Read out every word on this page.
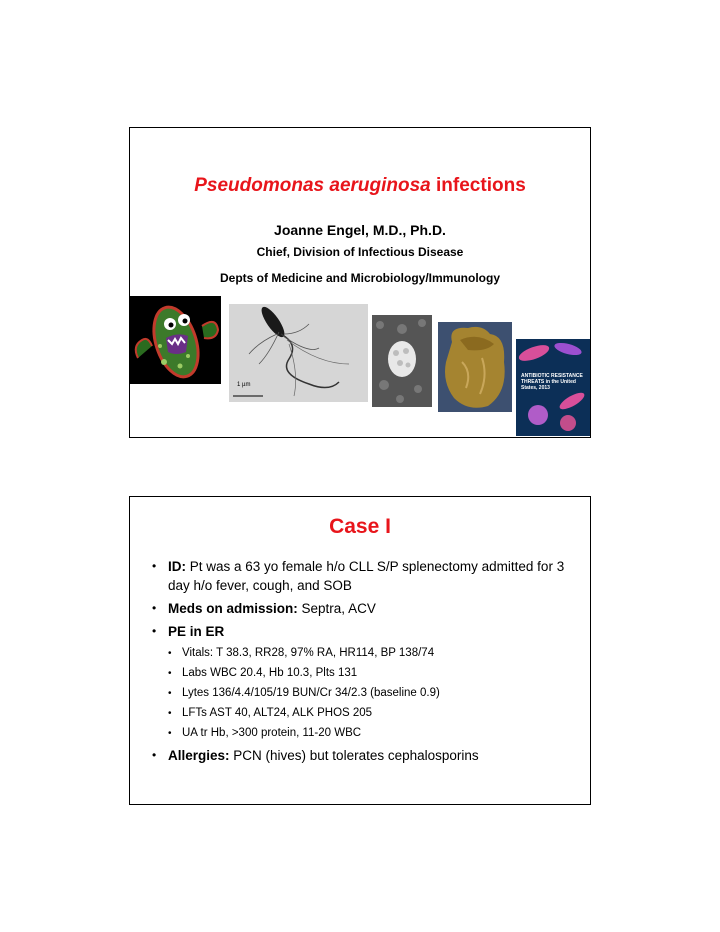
Pseudomonas aeruginosa infections
Joanne Engel, M.D., Ph.D.
Chief, Division of Infectious Disease
Depts of Medicine and Microbiology/Immunology
1 µm
ANTIBIOTIC RESISTANCE THREATS in the United States, 2013
Case I
• ID: Pt was a 63 yo female h/o CLL S/P splenectomy admitted for 3 day h/o fever, cough, and SOB
• Meds on admission: Septra, ACV
• PE in ER
• Vitals: T 38.3, RR28, 97% RA, HR114, BP 138/74
• Labs WBC 20.4, Hb 10.3, Plts 131
• Lytes 136/4.4/105/19 BUN/Cr 34/2.3 (baseline 0.9)
• LFTs AST 40, ALT24, ALK PHOS 205
• UA tr Hb, >300 protein, 11-20 WBC
• Allergies: PCN (hives) but tolerates cephalosporins
